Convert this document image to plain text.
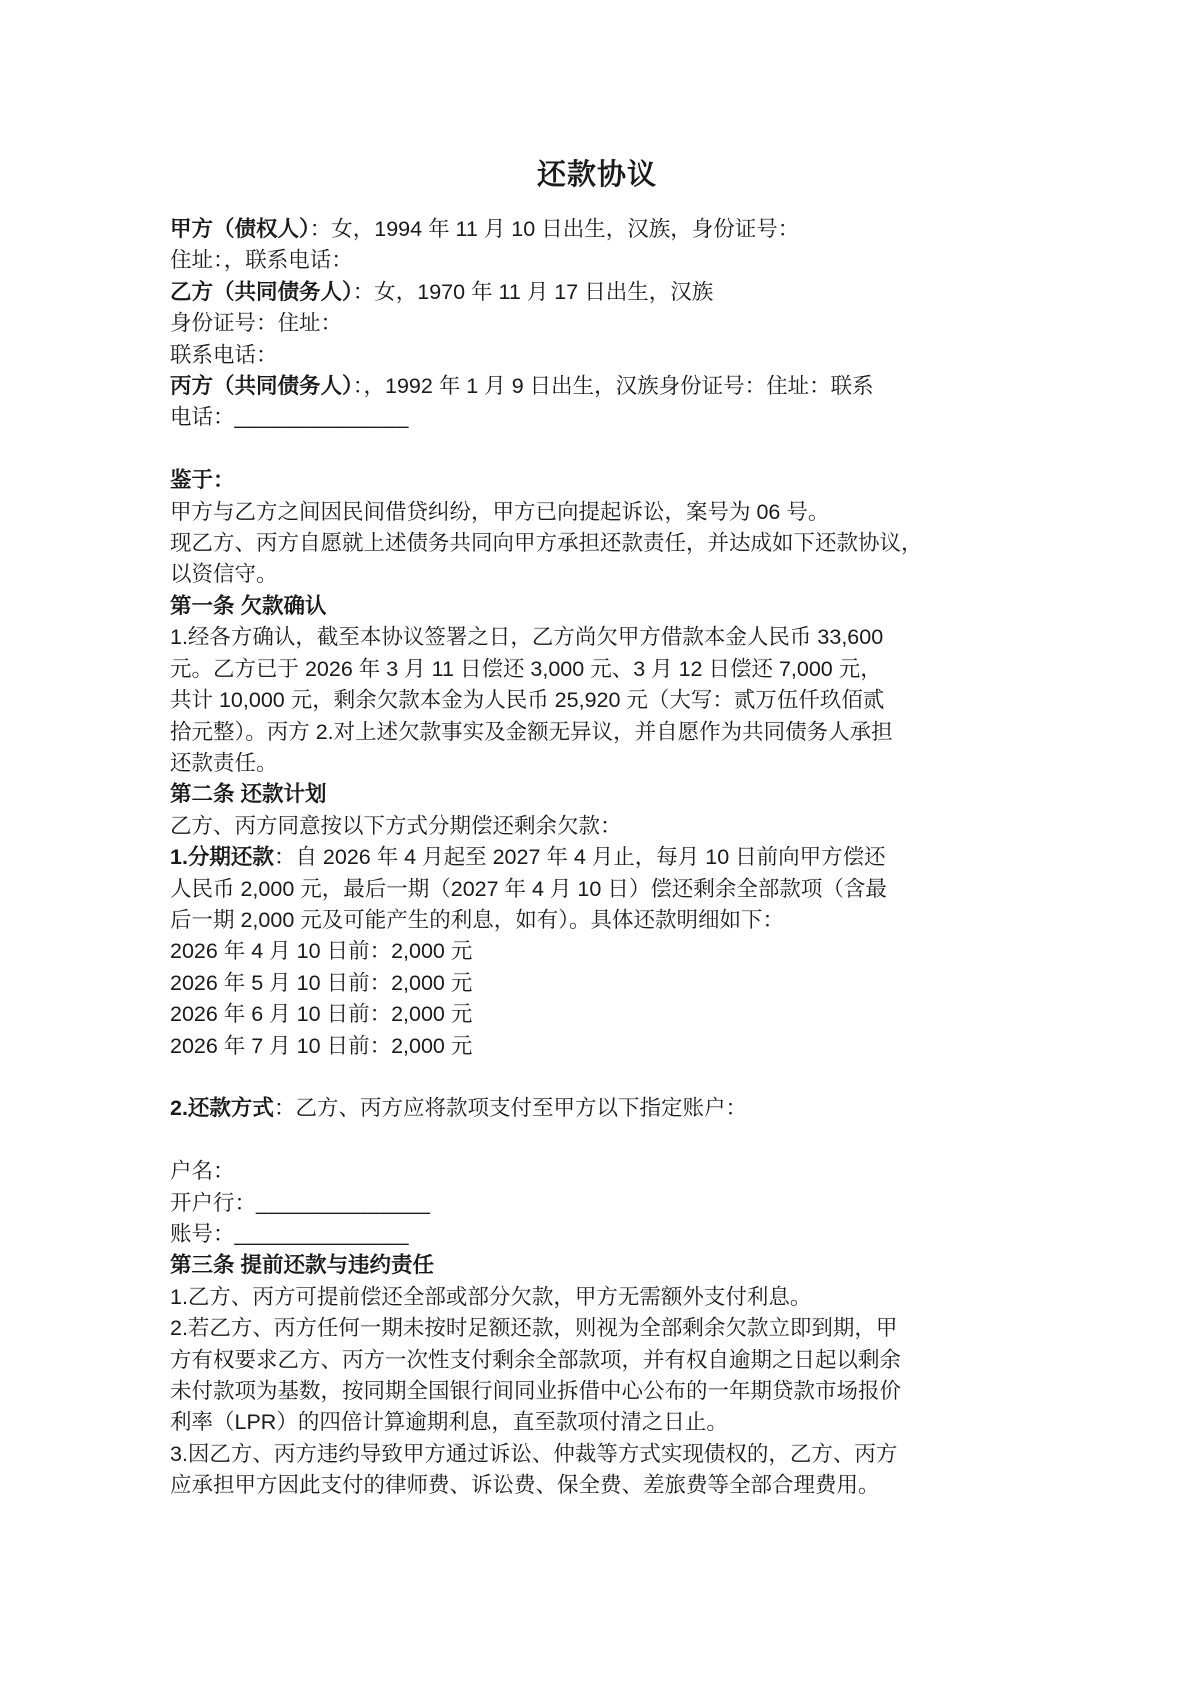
还款协议
甲方（债权人）：女，1994 年 11 月 10 日出生，汉族，身份证号：
住址：，联系电话：
乙方（共同债务人）：女，1970 年 11 月 17 日出生，汉族
身份证号：住址：
联系电话：
丙方（共同债务人）：，1992 年 1 月 9 日出生，汉族身份证号：住址：联系
电话：______________

鉴于：
甲方与乙方之间因民间借贷纠纷，甲方已向提起诉讼，案号为 06 号。
现乙方、丙方自愿就上述债务共同向甲方承担还款责任，并达成如下还款协议，
以资信守。
第一条 欠款确认
1.经各方确认，截至本协议签署之日，乙方尚欠甲方借款本金人民币 33,600
元。乙方已于 2026 年 3 月 11 日偿还 3,000 元、3 月 12 日偿还 7,000 元，
共计 10,000 元，剩余欠款本金为人民币 25,920 元（大写：贰万伍仟玖佰贰
拾元整）。丙方 2.对上述欠款事实及金额无异议，并自愿作为共同债务人承担
还款责任。
第二条 还款计划
乙方、丙方同意按以下方式分期偿还剩余欠款：
1.分期还款：自 2026 年 4 月起至 2027 年 4 月止，每月 10 日前向甲方偿还
人民币 2,000 元，最后一期（2027 年 4 月 10 日）偿还剩余全部款项（含最
后一期 2,000 元及可能产生的利息，如有）。具体还款明细如下：
2026 年 4 月 10 日前：2,000 元
2026 年 5 月 10 日前：2,000 元
2026 年 6 月 10 日前：2,000 元
2026 年 7 月 10 日前：2,000 元

2.还款方式：乙方、丙方应将款项支付至甲方以下指定账户：

户名：
开户行：______________
账号：______________
第三条 提前还款与违约责任
1.乙方、丙方可提前偿还全部或部分欠款，甲方无需额外支付利息。
2.若乙方、丙方任何一期未按时足额还款，则视为全部剩余欠款立即到期，甲
方有权要求乙方、丙方一次性支付剩余全部款项，并有权自逾期之日起以剩余
未付款项为基数，按同期全国银行间同业拆借中心公布的一年期贷款市场报价
利率（LPR）的四倍计算逾期利息，直至款项付清之日止。
3.因乙方、丙方违约导致甲方通过诉讼、仲裁等方式实现债权的，乙方、丙方
应承担甲方因此支付的律师费、诉讼费、保全费、差旅费等全部合理费用。
